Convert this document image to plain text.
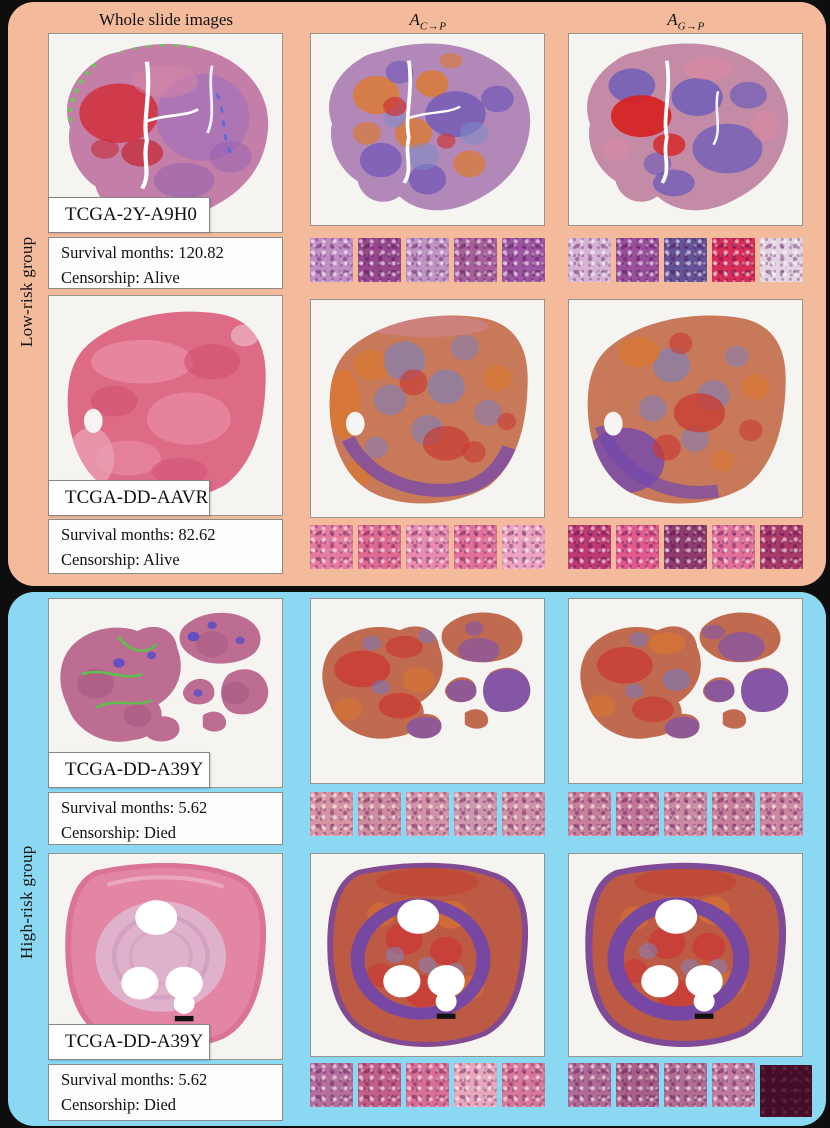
Whole slide images	$A_{C\to P}$	$A_{G\to P}$
Low-risk group
TCGA-2Y-A9H0
Survival months: 120.82
Censorship: Alive
TCGA-DD-AAVR
Survival months: 82.62
Censorship: Alive
High-risk group
TCGA-DD-A39Y
Survival months: 5.62
Censorship: Died
TCGA-DD-A39Y
Survival months: 5.62
Censorship: Died
